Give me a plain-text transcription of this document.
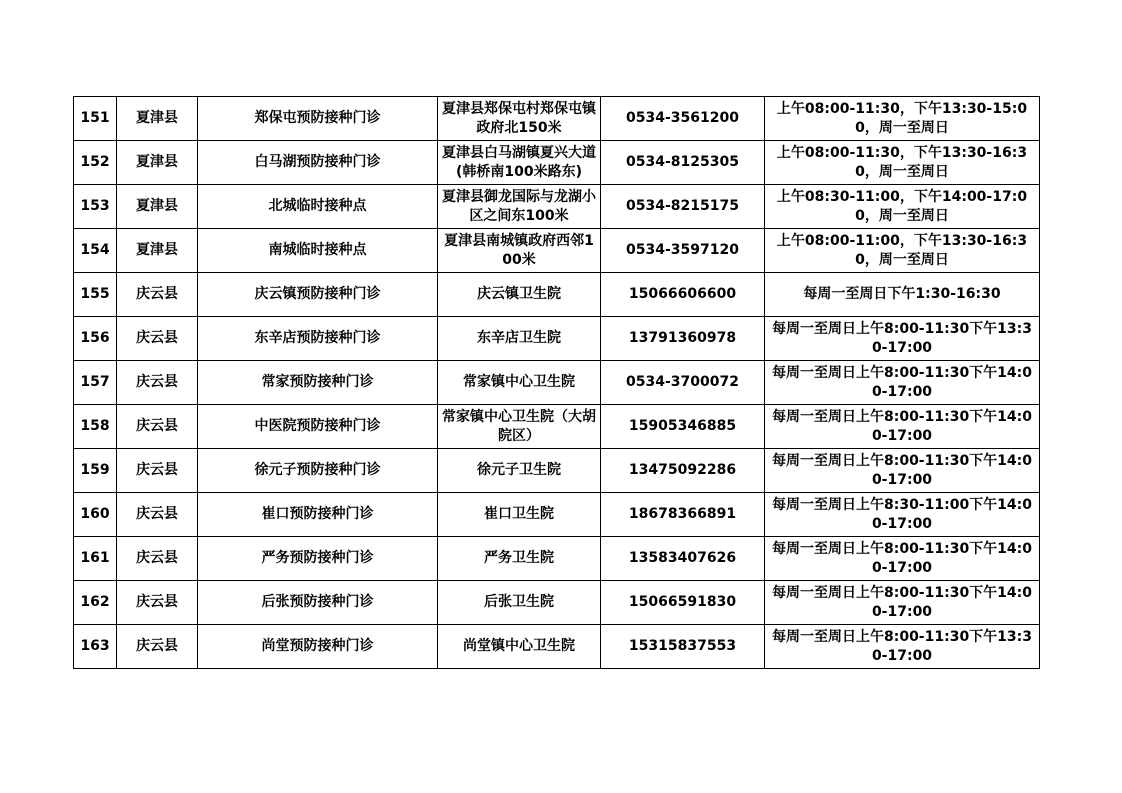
151	夏津县	郑保屯预防接种门诊	夏津县郑保屯村郑保屯镇政府北150米	0534-3561200	上午08:00-11:30，下午13:30-15:00，周一至周日

152	夏津县	白马湖预防接种门诊	夏津县白马湖镇夏兴大道(韩桥南100米路东)	0534-8125305	上午08:00-11:30，下午13:30-16:30，周一至周日

153	夏津县	北城临时接种点	夏津县御龙国际与龙湖小区之间东100米	0534-8215175	上午08:30-11:00，下午14:00-17:00，周一至周日

154	夏津县	南城临时接种点	夏津县南城镇政府西邻100米	0534-3597120	上午08:00-11:00，下午13:30-16:30，周一至周日

155	庆云县	庆云镇预防接种门诊	庆云镇卫生院	15066606600	每周一至周日下午1:30-16:30

156	庆云县	东辛店预防接种门诊	东辛店卫生院	13791360978	每周一至周日上午8:00-11:30下午13:30-17:00

157	庆云县	常家预防接种门诊	常家镇中心卫生院	0534-3700072	每周一至周日上午8:00-11:30下午14:00-17:00

158	庆云县	中医院预防接种门诊	常家镇中心卫生院（大胡院区）	15905346885	每周一至周日上午8:00-11:30下午14:00-17:00

159	庆云县	徐元子预防接种门诊	徐元子卫生院	13475092286	每周一至周日上午8:00-11:30下午14:00-17:00

160	庆云县	崔口预防接种门诊	崔口卫生院	18678366891	每周一至周日上午8:30-11:00下午14:00-17:00

161	庆云县	严务预防接种门诊	严务卫生院	13583407626	每周一至周日上午8:00-11:30下午14:00-17:00

162	庆云县	后张预防接种门诊	后张卫生院	15066591830	每周一至周日上午8:00-11:30下午14:00-17:00

163	庆云县	尚堂预防接种门诊	尚堂镇中心卫生院	15315837553	每周一至周日上午8:00-11:30下午13:30-17:00
